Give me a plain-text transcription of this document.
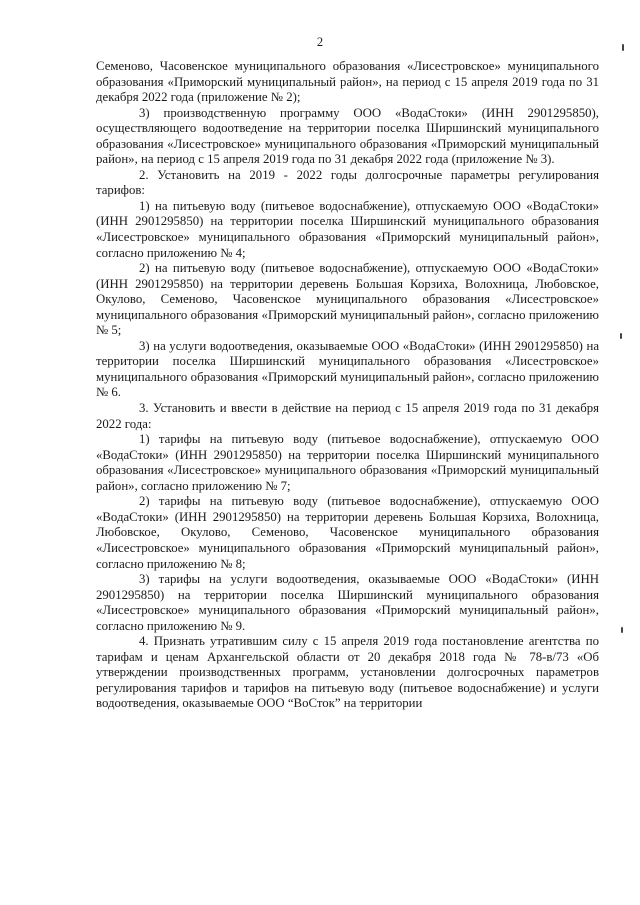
2

Семеново, Часовенское муниципального образования «Лисестровское» муниципального образования «Приморский муниципальный район», на период с 15 апреля 2019 года по 31 декабря 2022 года (приложение № 2);

3) производственную программу ООО «ВодаСтоки» (ИНН 2901295850), осуществляющего водоотведение на территории поселка Ширшинский муниципального образования «Лисестровское» муниципального образования «Приморский муниципальный район», на период с 15 апреля 2019 года по 31 декабря 2022 года (приложение № 3).

2. Установить на 2019 - 2022 годы долгосрочные параметры регулирования тарифов:

1) на питьевую воду (питьевое водоснабжение), отпускаемую ООО «ВодаСтоки» (ИНН 2901295850) на территории поселка Ширшинский муниципального образования «Лисестровское» муниципального образования «Приморский муниципальный район», согласно приложению № 4;

2) на питьевую воду (питьевое водоснабжение), отпускаемую ООО «ВодаСтоки» (ИНН 2901295850) на территории деревень Большая Корзиха, Волохница, Любовское, Окулово, Семеново, Часовенское муниципального образования «Лисестровское» муниципального образования «Приморский муниципальный район», согласно приложению № 5;

3) на услуги водоотведения, оказываемые ООО «ВодаСтоки» (ИНН 2901295850) на территории поселка Ширшинский муниципального образования «Лисестровское» муниципального образования «Приморский муниципальный район», согласно приложению № 6.

3. Установить и ввести в действие на период с 15 апреля 2019 года по 31 декабря 2022 года:

1) тарифы на питьевую воду (питьевое водоснабжение), отпускаемую ООО «ВодаСтоки» (ИНН 2901295850) на территории поселка Ширшинский муниципального образования «Лисестровское» муниципального образования «Приморский муниципальный район», согласно приложению № 7;

2) тарифы на питьевую воду (питьевое водоснабжение), отпускаемую ООО «ВодаСтоки» (ИНН 2901295850) на территории деревень Большая Корзиха, Волохница, Любовское, Окулово, Семеново, Часовенское муниципального образования «Лисестровское» муниципального образования «Приморский муниципальный район», согласно приложению № 8;

3) тарифы на услуги водоотведения, оказываемые ООО «ВодаСтоки» (ИНН 2901295850) на территории поселка Ширшинский муниципального образования «Лисестровское» муниципального образования «Приморский муниципальный район», согласно приложению № 9.

4. Признать утратившим силу с 15 апреля 2019 года постановление агентства по тарифам и ценам Архангельской области от 20 декабря 2018 года № 78-в/73 «Об утверждении производственных программ, установлении долгосрочных параметров регулирования тарифов и тарифов на питьевую воду (питьевое водоснабжение) и услуги водоотведения, оказываемые ООО “ВоСток” на территории
